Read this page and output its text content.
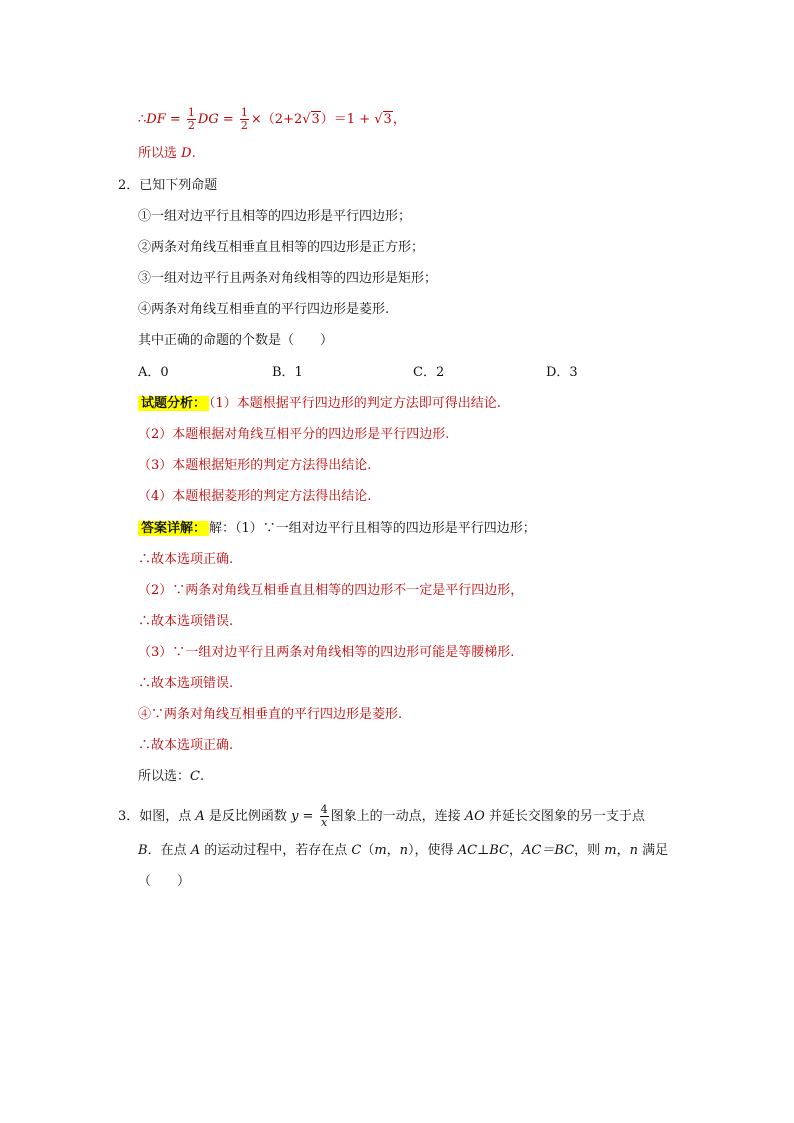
∴DF = $\frac{1}{2}$ DG = $\frac{1}{2} \times(2+2√3)=1 + √3$，
所以选 D.
2．已知下列命题
①一组对边平行且相等的四边形是平行四边形；
②两条对角线互相垂直且相等的四边形是正方形；
③一组对边平行且两条对角线相等的四边形是矩形；
④两条对角线互相垂直的平行四边形是菱形.
其中正确的命题的个数是（　　）
A．0	B．1	C．2	D．3
试题分析： （1）本题根据平行四边形的判定方法即可得出结论.
（2）本题根据对角线互相平分的四边形是平行四边形.
（3）本题根据矩形的判定方法得出结论.
（4）本题根据菱形的判定方法得出结论.
答案详解： 解：（1）∵一组对边平行且相等的四边形是平行四边形；
∴故本选项正确.
（2）∵两条对角线互相垂直且相等的四边形不一定是平行四边形，
∴故本选项错误.
（3）∵一组对边平行且两条对角线相等的四边形可能是等腰梯形.
∴故本选项错误.
④∵两条对角线互相垂直的平行四边形是菱形.
∴故本选项正确.
所以选：C.
3．如图，点 A 是反比例函数 $y = \frac{4}{x}$ 图象上的一动点，连接 AO 并延长交图象的另一支于点
B．在点 A 的运动过程中，若存在点 C（m，n），使得 AC⊥BC，AC＝BC，则 m，n 满足
（　　）
